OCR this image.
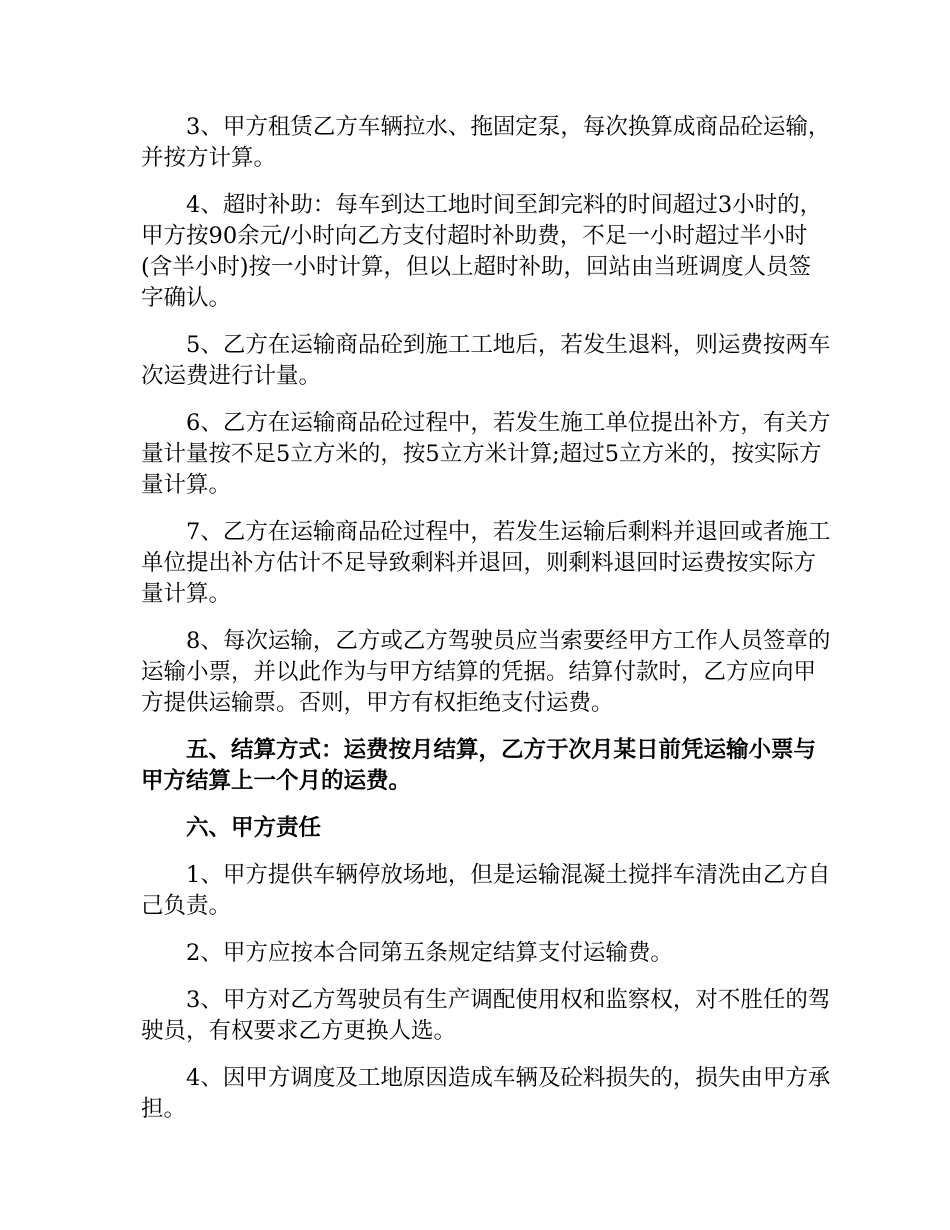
3、甲方租赁乙方车辆拉水、拖固定泵，每次换算成商品砼运输，并按方计算。

4、超时补助：每车到达工地时间至卸完料的时间超过3小时的，甲方按90余元/小时向乙方支付超时补助费，不足一小时超过半小时(含半小时)按一小时计算，但以上超时补助，回站由当班调度人员签字确认。

5、乙方在运输商品砼到施工工地后，若发生退料，则运费按两车次运费进行计量。

6、乙方在运输商品砼过程中，若发生施工单位提出补方，有关方量计量按不足5立方米的，按5立方米计算;超过5立方米的，按实际方量计算。

7、乙方在运输商品砼过程中，若发生运输后剩料并退回或者施工单位提出补方估计不足导致剩料并退回，则剩料退回时运费按实际方量计算。

8、每次运输，乙方或乙方驾驶员应当索要经甲方工作人员签章的运输小票，并以此作为与甲方结算的凭据。结算付款时，乙方应向甲方提供运输票。否则，甲方有权拒绝支付运费。

五、结算方式：运费按月结算，乙方于次月某日前凭运输小票与甲方结算上一个月的运费。

六、甲方责任

1、甲方提供车辆停放场地，但是运输混凝土搅拌车清洗由乙方自己负责。

2、甲方应按本合同第五条规定结算支付运输费。

3、甲方对乙方驾驶员有生产调配使用权和监察权，对不胜任的驾驶员，有权要求乙方更换人选。

4、因甲方调度及工地原因造成车辆及砼料损失的，损失由甲方承担。
